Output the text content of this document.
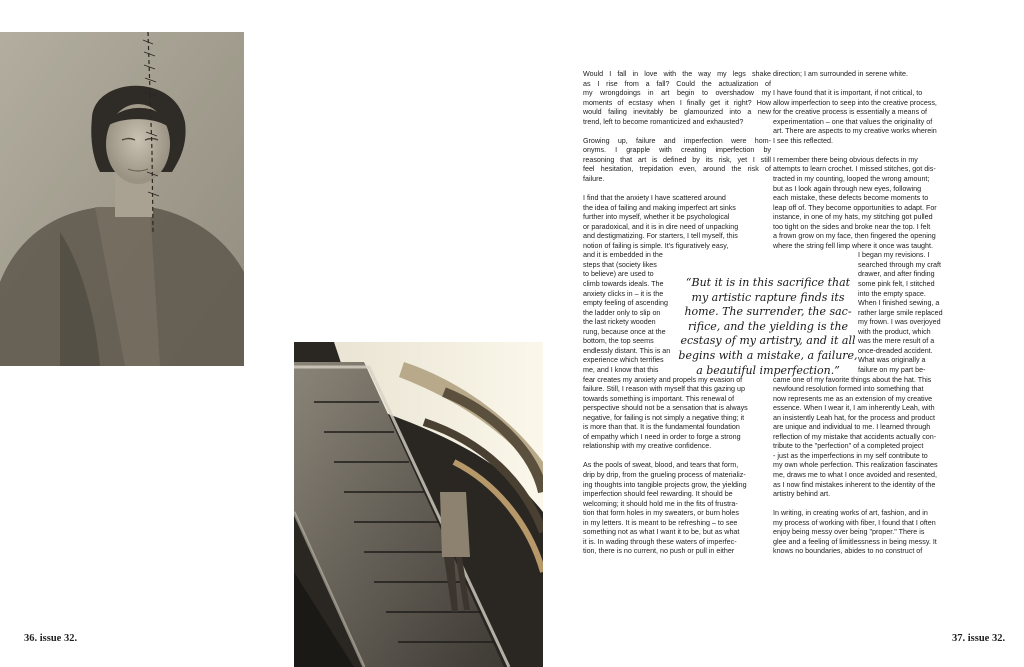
Would I fall in love with the way my legs shake
as I rise from a fall? Could the actualization of
my wrongdoings in art begin to overshadow my
moments of ecstasy when I finally get it right? How
would failing inevitably be glamourized into a new
trend, left to become romanticized and exhausted?

Growing up, failure and imperfection were hom-
onyms. I grapple with creating imperfection by
reasoning that art is defined by its risk, yet I still
feel hesitation, trepidation even, around the risk of
failure.

I find that the anxiety I have scattered around
the idea of failing and making imperfect art sinks
further into myself, whether it be psychological
or paradoxical, and it is in dire need of unpacking
and destigmatizing. For starters, I tell myself, this
notion of failing is simple. It's figuratively easy,
and it is embedded in the
steps that (society likes
to believe) are used to
climb towards ideals. The
anxiety clicks in – it is the
empty feeling of ascending
the ladder only to slip on
the last rickety wooden
rung, because once at the
bottom, the top seems
endlessly distant. This is an
experience which terrifies
me, and I know that this
fear creates my anxiety and propels my evasion of
failure. Still, I reason with myself that this gazing up
towards something is important. This renewal of
perspective should not be a sensation that is always
negative, for failing is not simply a negative thing; it
is more than that. It is the fundamental foundation
of empathy which I need in order to forge a strong
relationship with my creative confidence.

As the pools of sweat, blood, and tears that form,
drip by drip, from the grueling process of materializ-
ing thoughts into tangible projects grow, the yielding
imperfection should feel rewarding. It should be
welcoming; it should hold me in the fits of frustra-
tion that form holes in my sweaters, or burn holes
in my letters. It is meant to be refreshing – to see
something not as what I want it to be, but as what
it is. In wading through these waters of imperfec-
tion, there is no current, no push or pull in either

direction; I am surrounded in serene white.

I have found that it is important, if not critical, to
allow imperfection to seep into the creative process,
for the creative process is essentially a means of
experimentation – one that values the originality of
art. There are aspects to my creative works wherein
I see this reflected.

I remember there being obvious defects in my
attempts to learn crochet. I missed stitches, got dis-
tracted in my counting, looped the wrong amount;
but as I look again through new eyes, following
each mistake, these defects become moments to
leap off of. They become opportunities to adapt. For
instance, in one of my hats, my stitching got pulled
too tight on the sides and broke near the top. I felt
a frown grow on my face, then fingered the opening
where the string fell limp where it once was taught.
I began my revisions. I
searched through my craft
drawer, and after finding
some pink felt, I stitched
into the empty space.
When I finished sewing, a
rather large smile replaced
my frown. I was overjoyed
with the product, which
was the mere result of a
once-dreaded accident.
What was originally a
failure on my part be-
came one of my favorite things about the hat. This
newfound resolution formed into something that
now represents me as an extension of my creative
essence. When I wear it, I am inherently Leah, with
an insistently Leah hat, for the process and product
are unique and individual to me. I learned through
reflection of my mistake that accidents actually con-
tribute to the "perfection" of a completed project
- just as the imperfections in my self contribute to
my own whole perfection. This realization fascinates
me, draws me to what I once avoided and resented,
as I now find mistakes inherent to the identity of the
artistry behind art.

In writing, in creating works of art, fashion, and in
my process of working with fiber, I found that I often
enjoy being messy over being "proper." There is
glee and a feeling of limitlessness in being messy. It
knows no boundaries, abides to no construct of

“But it is in this sacrifice that
my artistic rapture finds its
home. The surrender, the sac-
rifice, and the yielding is the
ecstasy of my artistry, and it all
begins with a mistake, a failure,
a beautiful imperfection.”
36. issue 32.	37. issue 32.
